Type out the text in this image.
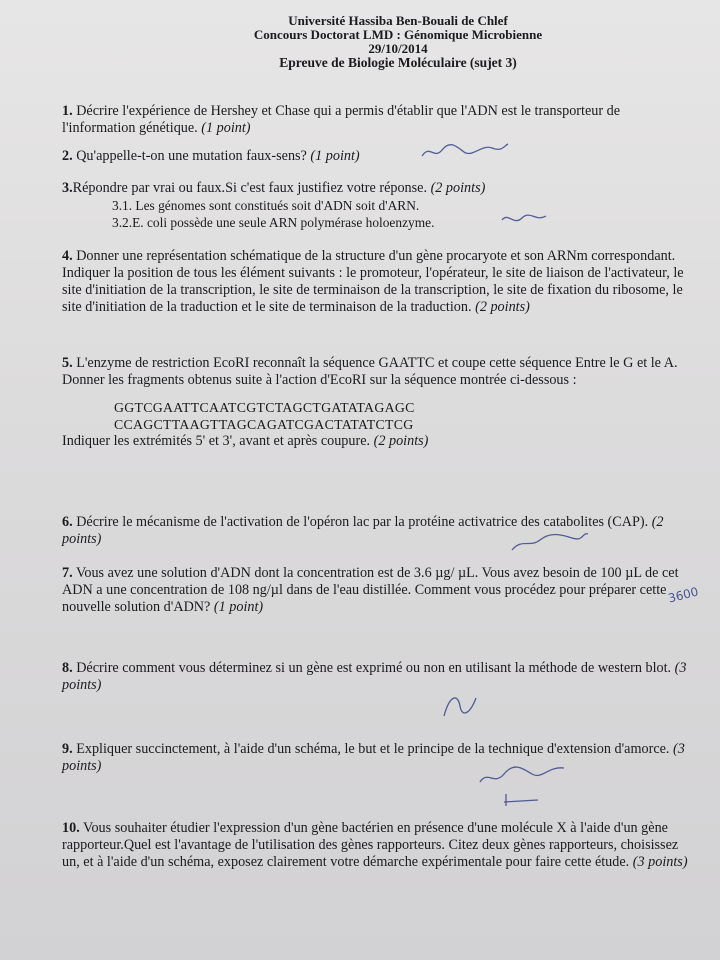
Université Hassiba Ben-Bouali de Chlef
Concours Doctorat LMD : Génomique Microbienne
29/10/2014
Epreuve de Biologie Moléculaire (sujet 3)

1. Décrire l'expérience de Hershey et Chase qui a permis d'établir que l'ADN est le transporteur de l'information génétique. (1 point)

2. Qu'appelle-t-on une mutation faux-sens? (1 point)

3.Répondre par vrai ou faux.Si c'est faux justifiez votre réponse. (2 points)
3.1. Les génomes sont constitués soit d'ADN soit d'ARN.
3.2.E. coli possède une seule ARN polymérase holoenzyme.

4. Donner une représentation schématique de la structure d'un gène procaryote et son ARNm correspondant. Indiquer la position de tous les élément suivants : le promoteur, l'opérateur, le site de liaison de l'activateur, le site d'initiation de la transcription, le site de terminaison de la transcription, le site de fixation du ribosome, le site d'initiation de la traduction et le site de terminaison de la traduction. (2 points)

5. L'enzyme de restriction EcoRI reconnaît la séquence GAATTC et coupe cette séquence Entre le G et le A. Donner les fragments obtenus suite à l'action d'EcoRI sur la séquence montrée ci-dessous :
GGTCGAATTCAATCGTCTAGCTGATATAGAGC
CCAGCTTAAGTTAGCAGATCGACTATATCTCG
Indiquer les extrémités 5' et 3', avant et après coupure. (2 points)

6. Décrire le mécanisme de l'activation de l'opéron lac par la protéine activatrice des catabolites (CAP). (2 points)

7. Vous avez une solution d'ADN dont la concentration est de 3.6 µg/ µL. Vous avez besoin de 100 µL de cet ADN a une concentration de 108 ng/µl dans de l'eau distillée. Comment vous procédez pour préparer cette nouvelle solution d'ADN? (1 point)

8. Décrire comment vous déterminez si un gène est exprimé ou non en utilisant la méthode de western blot. (3 points)

9. Expliquer succinctement, à l'aide d'un schéma, le but et le principe de la technique d'extension d'amorce. (3 points)

10. Vous souhaiter étudier l'expression d'un gène bactérien en présence d'une molécule X à l'aide d'un gène rapporteur.Quel est l'avantage de l'utilisation des gènes rapporteurs. Citez deux gènes rapporteurs, choisissez un, et à l'aide d'un schéma, exposez clairement votre démarche expérimentale pour faire cette étude. (3 points)

3600
